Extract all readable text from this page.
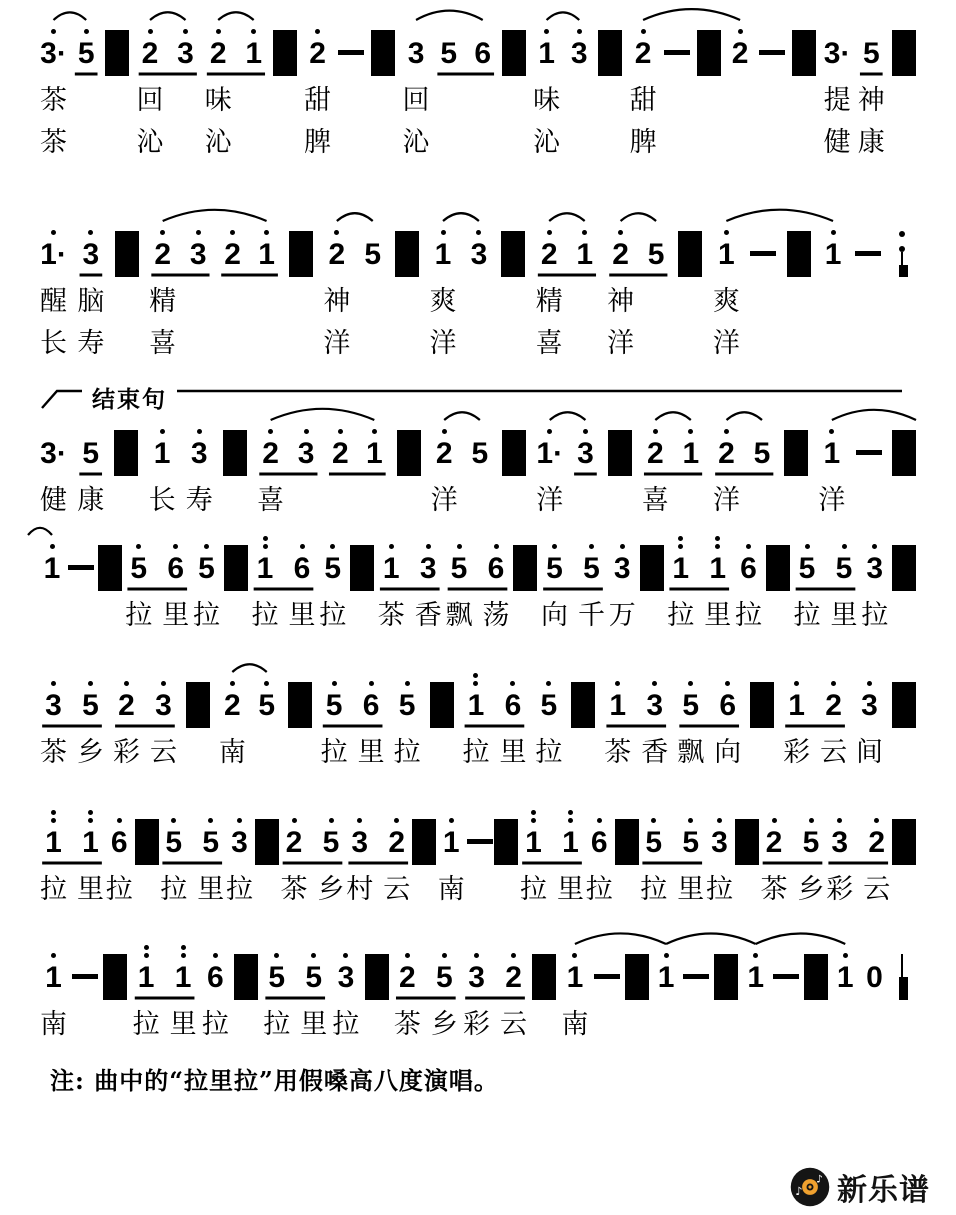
3·
茶
茶
5

2
回
沁
3

2
味
沁
1

2
甜
脾
3
回
沁
5

6

1
味
沁
3

2
甜
脾
2

	3·
提
健
5
神
康
1·
醒
长
3
脑
寿
2
精
喜
3

2

1

2
神
洋
5

1
爽
洋
3

2
精
喜
1

2
神
洋
5

1
爽
洋
1

结束句
3·
健
5
康
1
长
3
寿
2
喜
3
2
1
2
洋
5
1·
洋
3
2
喜
1
2
洋
5
1
洋
1
5
拉
6
里
5
拉
1
拉
6
里
5
拉
1
茶
3
香
5
飘
6
荡
5
向
5
千
3
万
1
拉
1
里
6
拉
5
拉
5
里
3
拉
3
茶
5
乡
2
彩
3
云
2
南
5
5
拉
6
里
5
拉
1
拉
6
里
5
拉
1
茶
3
香
5
飘
6
向
1
彩
2
云
3
间
1
拉
1
里
6
拉
5
拉
5
里
3
拉
2
茶
5
乡
3
村
2
云
1
南
1
拉
1
里
6
拉
5
拉
5
里
3
拉
2
茶
5
乡
3
彩
2
云
1
南
1
拉
1
里
6
拉
5
拉
5
里
3
拉
2
茶
5
乡
3
彩
2
云
1
南
1
1
1
0

注: 曲中的“拉里拉”用假嗓高八度演唱。

♪
♪ 新乐谱
